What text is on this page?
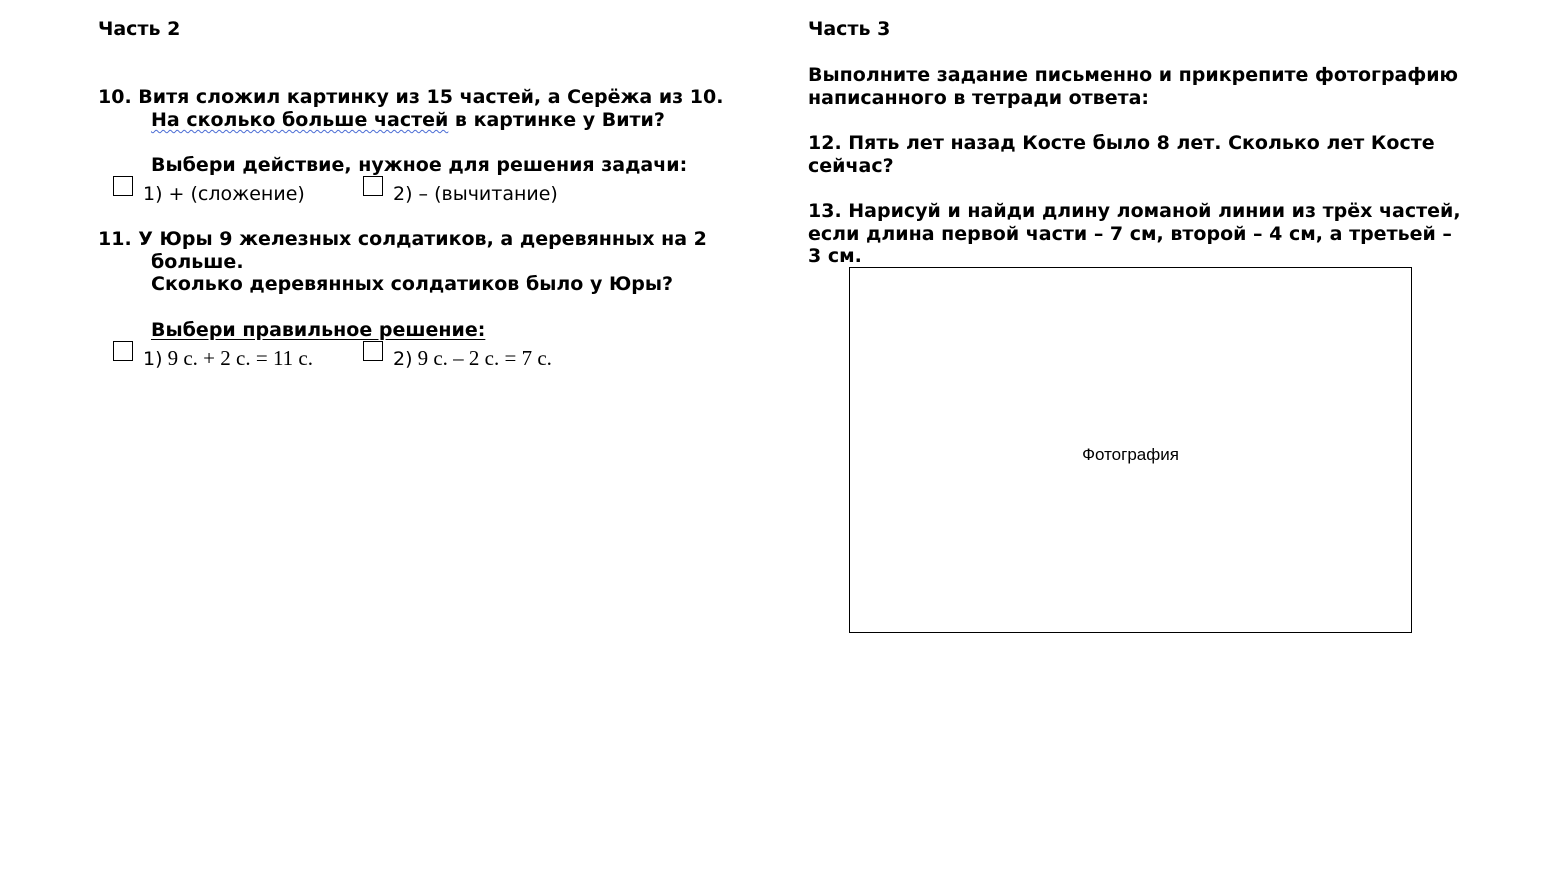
Часть 2
10. Витя сложил картинку из 15 частей, а Серёжа из 10.
На сколько больше частей в картинке у Вити?
Выбери действие, нужное для решения задачи:
1) + (сложение)	2) – (вычитание)
11. У Юры 9 железных солдатиков, а деревянных на 2
больше.
Сколько деревянных солдатиков было у Юры?
Выбери правильное решение:
1) 9 с. + 2 с. = 11 с.	2) 9 с. – 2 с. = 7 с.
Часть 3
Выполните задание письменно и прикрепите фотографию
написанного в тетради ответа:
12. Пять лет назад Косте было 8 лет. Сколько лет Косте
сейчас?
13. Нарисуй и найди длину ломаной линии из трёх частей,
если длина первой части – 7 см, второй – 4 см, а третьей –
3 см.
Фотография
